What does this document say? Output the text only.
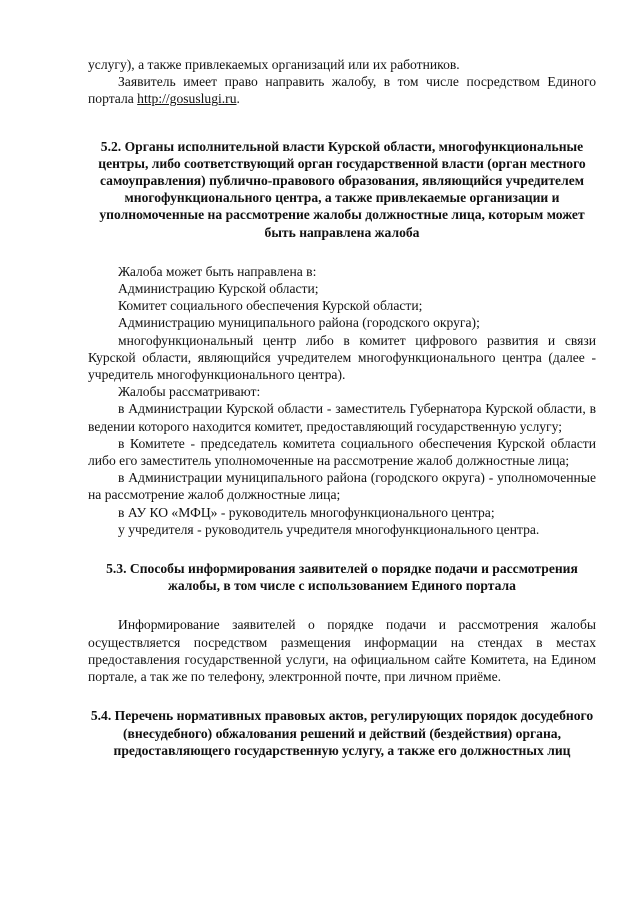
услугу), а также привлекаемых организаций или их работников.

Заявитель имеет право направить жалобу, в том числе посредством Единого портала http://gosuslugi.ru.

5.2. Органы исполнительной власти Курской области, многофункциональные центры, либо соответствующий орган государственной власти (орган местного самоуправления) публично-правового образования, являющийся учредителем многофункционального центра, а также привлекаемые организации и уполномоченные на рассмотрение жалобы должностные лица, которым может быть направлена жалоба

Жалоба может быть направлена в:

Администрацию Курской области;

Комитет социального обеспечения Курской области;

Администрацию муниципального района (городского округа);

многофункциональный центр либо в комитет цифрового развития и связи Курской области, являющийся учредителем многофункционального центра (далее - учредитель многофункционального центра).

Жалобы рассматривают:

в Администрации Курской области - заместитель Губернатора Курской области, в ведении которого находится комитет, предоставляющий государственную услугу;

в Комитете - председатель комитета социального обеспечения Курской области либо его заместитель уполномоченные на рассмотрение жалоб должностные лица;

в Администрации муниципального района (городского округа) - уполномоченные на рассмотрение жалоб должностные лица;

в АУ КО «МФЦ» - руководитель многофункционального центра;

у учредителя - руководитель учредителя многофункционального центра.

5.3. Способы информирования заявителей о порядке подачи и рассмотрения жалобы, в том числе с использованием Единого портала

Информирование заявителей о порядке подачи и рассмотрения жалобы осуществляется посредством размещения информации на стендах в местах предоставления государственной услуги, на официальном сайте Комитета, на Едином портале, а так же по телефону, электронной почте, при личном приёме.

5.4. Перечень нормативных правовых актов, регулирующих порядок досудебного (внесудебного) обжалования решений и действий (бездействия) органа, предоставляющего государственную услугу, а также его должностных лиц
